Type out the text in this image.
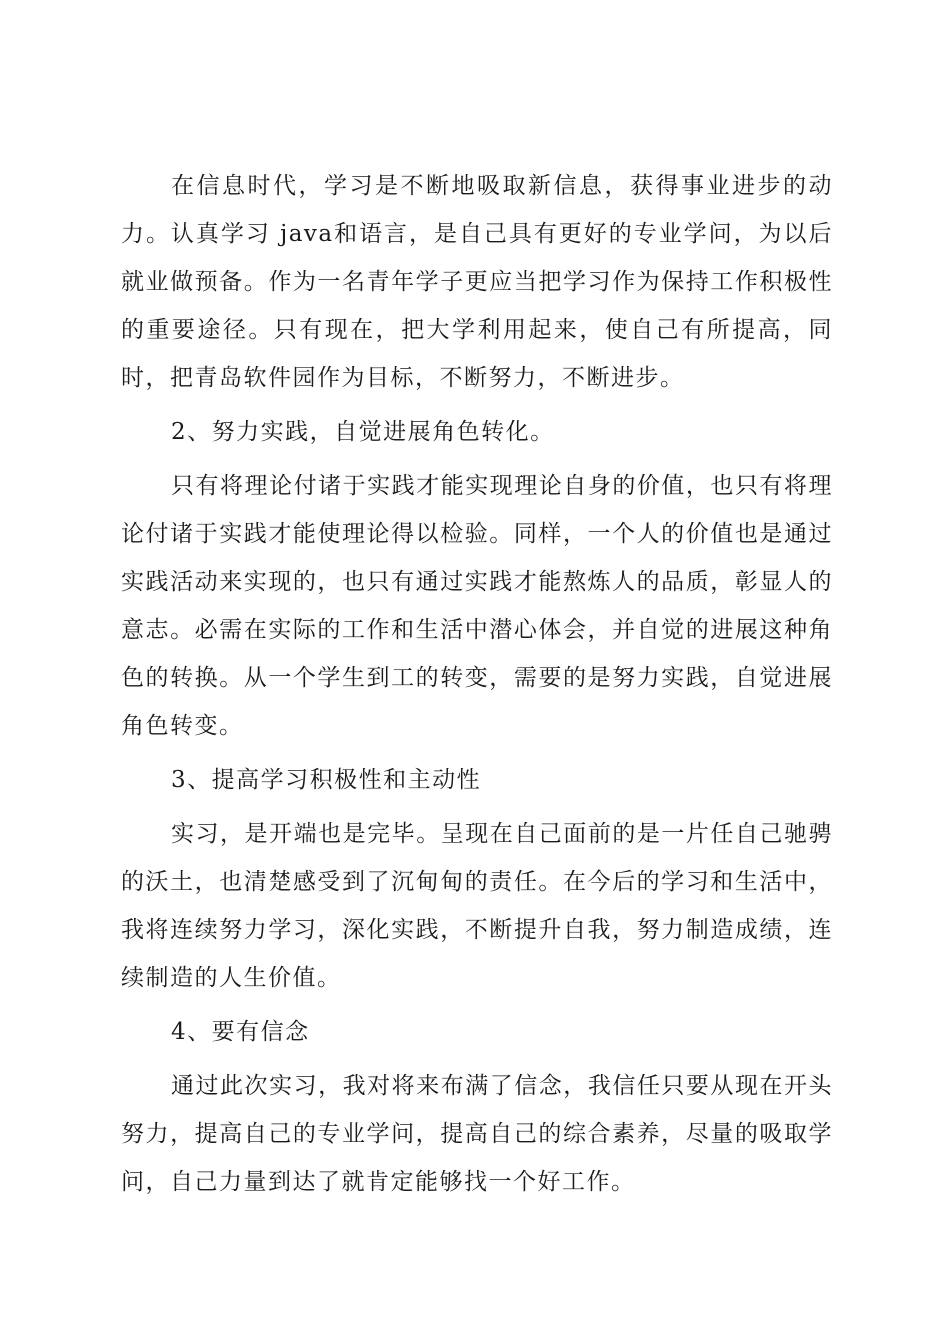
在信息时代，学习是不断地吸取新信息，获得事业进步的动力。认真学习 java和语言，是自己具有更好的专业学问，为以后就业做预备。作为一名青年学子更应当把学习作为保持工作积极性的重要途径。只有现在，把大学利用起来，使自己有所提高，同时，把青岛软件园作为目标，不断努力，不断进步。

2、努力实践，自觉进展角色转化。

只有将理论付诸于实践才能实现理论自身的价值，也只有将理论付诸于实践才能使理论得以检验。同样，一个人的价值也是通过实践活动来实现的，也只有通过实践才能熬炼人的品质，彰显人的意志。必需在实际的工作和生活中潜心体会，并自觉的进展这种角色的转换。从一个学生到工的转变，需要的是努力实践，自觉进展角色转变。

3、提高学习积极性和主动性

实习，是开端也是完毕。呈现在自己面前的是一片任自己驰骋的沃土，也清楚感受到了沉甸甸的责任。在今后的学习和生活中，我将连续努力学习，深化实践，不断提升自我，努力制造成绩，连续制造的人生价值。

4、要有信念

通过此次实习，我对将来布满了信念，我信任只要从现在开头努力，提高自己的专业学问，提高自己的综合素养，尽量的吸取学问，自己力量到达了就肯定能够找一个好工作。
